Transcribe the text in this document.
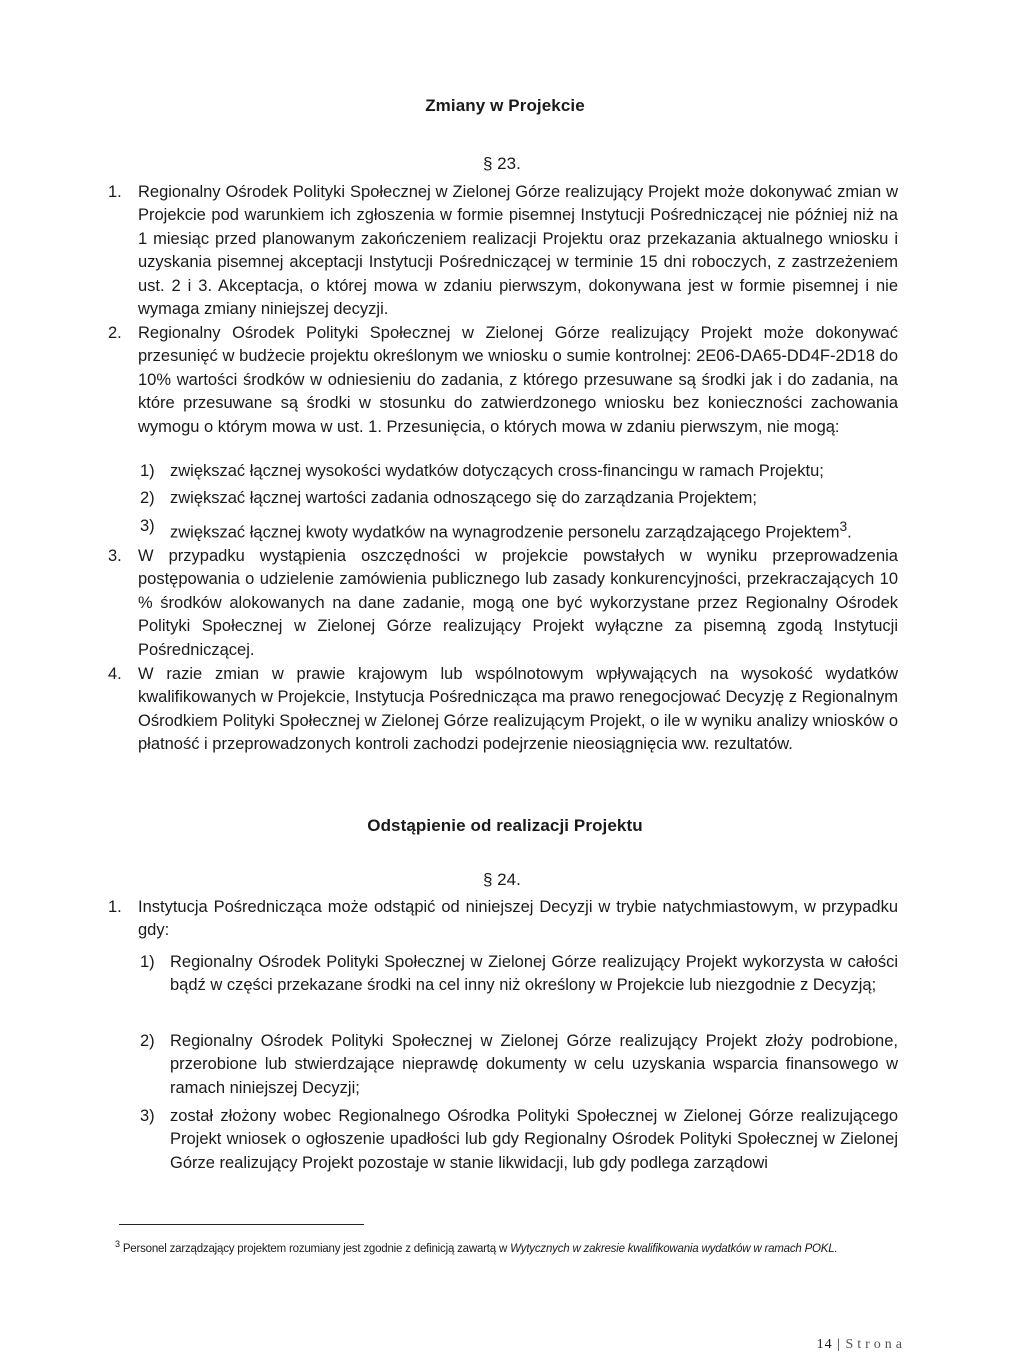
Zmiany w Projekcie
§ 23.
1. Regionalny Ośrodek Polityki Społecznej w Zielonej Górze realizujący Projekt może dokonywać zmian w Projekcie pod warunkiem ich zgłoszenia w formie pisemnej Instytucji Pośredniczącej nie później niż na 1 miesiąc przed planowanym zakończeniem realizacji Projektu oraz przekazania aktualnego wniosku i uzyskania pisemnej akceptacji Instytucji Pośredniczącej w terminie 15 dni roboczych, z zastrzeżeniem ust. 2 i 3. Akceptacja, o której mowa w zdaniu pierwszym, dokonywana jest w formie pisemnej i nie wymaga zmiany niniejszej decyzji.
2. Regionalny Ośrodek Polityki Społecznej w Zielonej Górze realizujący Projekt może dokonywać przesunięć w budżecie projektu określonym we wniosku o sumie kontrolnej: 2E06-DA65-DD4F-2D18 do 10% wartości środków w odniesieniu do zadania, z którego przesuwane są środki jak i do zadania, na które przesuwane są środki w stosunku do zatwierdzonego wniosku bez konieczności zachowania wymogu o którym mowa w ust. 1. Przesunięcia, o których mowa w zdaniu pierwszym, nie mogą:
1) zwiększać łącznej wysokości wydatków dotyczących cross-financingu w ramach Projektu;
2) zwiększać łącznej wartości zadania odnoszącego się do zarządzania Projektem;
3) zwiększać łącznej kwoty wydatków na wynagrodzenie personelu zarządzającego Projektem$^3$.
3. W przypadku wystąpienia oszczędności w projekcie powstałych w wyniku przeprowadzenia postępowania o udzielenie zamówienia publicznego lub zasady konkurencyjności, przekraczających 10 % środków alokowanych na dane zadanie, mogą one być wykorzystane przez Regionalny Ośrodek Polityki Społecznej w Zielonej Górze realizujący Projekt wyłączne za pisemną zgodą Instytucji Pośredniczącej.
4. W razie zmian w prawie krajowym lub wspólnotowym wpływających na wysokość wydatków kwalifikowanych w Projekcie, Instytucja Pośrednicząca ma prawo renegocjować Decyzję z Regionalnym Ośrodkiem Polityki Społecznej w Zielonej Górze realizującym Projekt, o ile w wyniku analizy wniosków o płatność i przeprowadzonych kontroli zachodzi podejrzenie nieosiągnięcia ww. rezultatów.
Odstąpienie od realizacji Projektu
§ 24.
1. Instytucja Pośrednicząca może odstąpić od niniejszej Decyzji w trybie natychmiastowym, w przypadku gdy:
1) Regionalny Ośrodek Polityki Społecznej w Zielonej Górze realizujący Projekt wykorzysta w całości bądź w części przekazane środki na cel inny niż określony w Projekcie lub niezgodnie z Decyzją;
2) Regionalny Ośrodek Polityki Społecznej w Zielonej Górze realizujący Projekt złoży podrobione, przerobione lub stwierdzające nieprawdę dokumenty w celu uzyskania wsparcia finansowego w ramach niniejszej Decyzji;
3) został złożony wobec Regionalnego Ośrodka Polityki Społecznej w Zielonej Górze realizującego Projekt wniosek o ogłoszenie upadłości lub gdy Regionalny Ośrodek Polityki Społecznej w Zielonej Górze realizujący Projekt pozostaje w stanie likwidacji, lub gdy podlega zarządowi
$^3$ Personel zarządzający projektem rozumiany jest zgodnie z definicją zawartą w Wytycznych w zakresie kwalifikowania wydatków w ramach POKL.
14 | Strona
